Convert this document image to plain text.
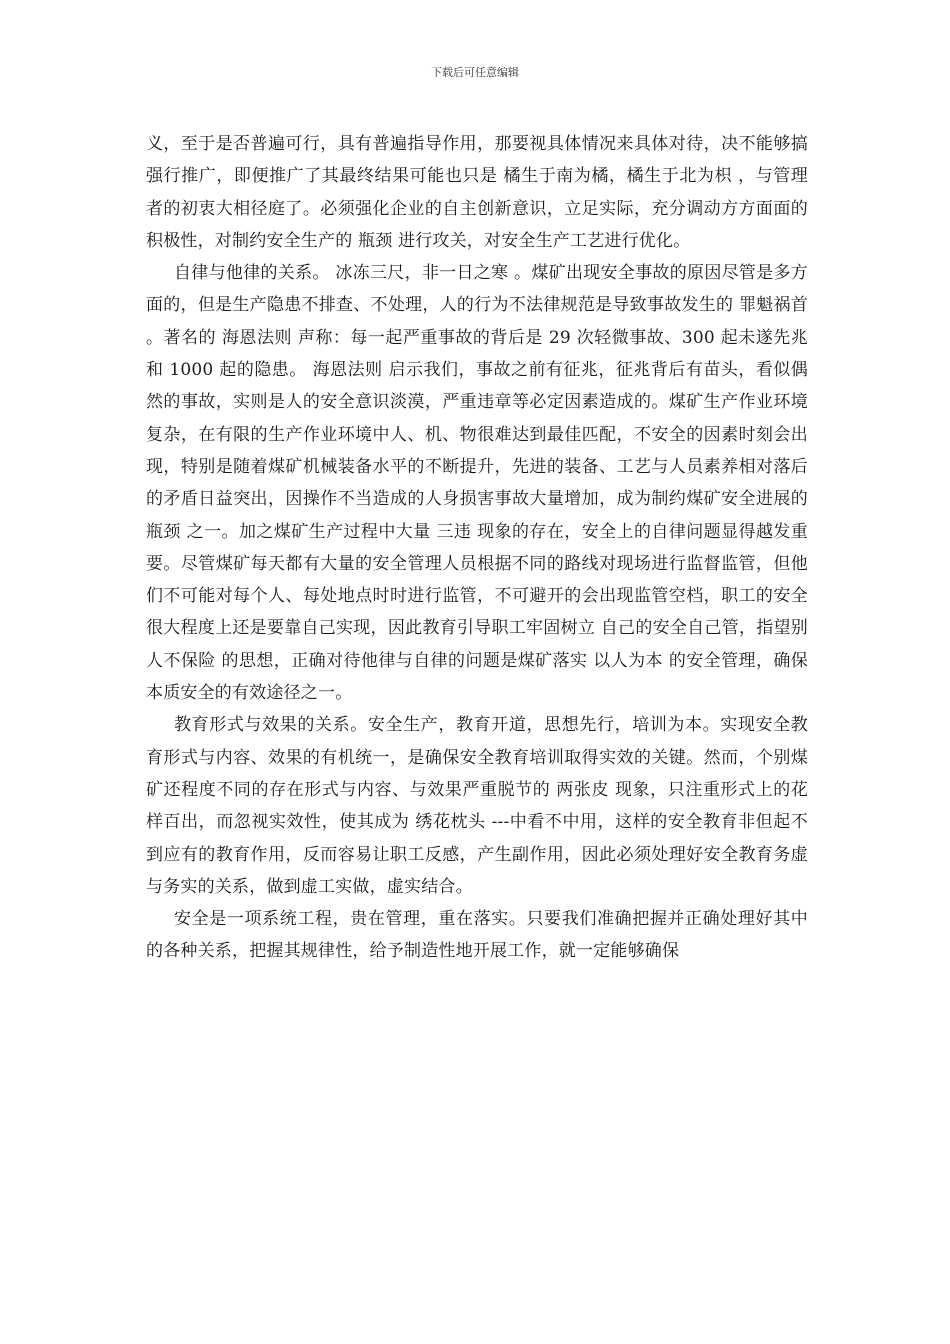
下载后可任意编辑

义，至于是否普遍可行，具有普遍指导作用，那要视具体情况来具体对待，决不能够搞强行推广，即便推广了其最终结果可能也只是 橘生于南为橘，橘生于北为枳 ，与管理者的初衷大相径庭了。必须强化企业的自主创新意识，立足实际，充分调动方方面面的积极性，对制约安全生产的 瓶颈 进行攻关，对安全生产工艺进行优化。

自律与他律的关系。 冰冻三尺，非一日之寒 。煤矿出现安全事故的原因尽管是多方面的，但是生产隐患不排查、不处理，人的行为不法律规范是导致事故发生的 罪魁祸首 。著名的 海恩法则 声称：每一起严重事故的背后是 29 次轻微事故、300 起未遂先兆和 1000 起的隐患。 海恩法则 启示我们，事故之前有征兆，征兆背后有苗头，看似偶然的事故，实则是人的安全意识淡漠，严重违章等必定因素造成的。煤矿生产作业环境复杂，在有限的生产作业环境中人、机、物很难达到最佳匹配，不安全的因素时刻会出现，特别是随着煤矿机械装备水平的不断提升，先进的装备、工艺与人员素养相对落后的矛盾日益突出，因操作不当造成的人身损害事故大量增加，成为制约煤矿安全进展的 瓶颈 之一。加之煤矿生产过程中大量 三违 现象的存在，安全上的自律问题显得越发重要。尽管煤矿每天都有大量的安全管理人员根据不同的路线对现场进行监督监管，但他们不可能对每个人、每处地点时时进行监管，不可避开的会出现监管空档，职工的安全很大程度上还是要靠自己实现，因此教育引导职工牢固树立 自己的安全自己管，指望别人不保险 的思想，正确对待他律与自律的问题是煤矿落实 以人为本 的安全管理，确保本质安全的有效途径之一。

教育形式与效果的关系。安全生产，教育开道，思想先行，培训为本。实现安全教育形式与内容、效果的有机统一，是确保安全教育培训取得实效的关键。然而，个别煤矿还程度不同的存在形式与内容、与效果严重脱节的 两张皮 现象，只注重形式上的花样百出，而忽视实效性，使其成为 绣花枕头 ---中看不中用，这样的安全教育非但起不到应有的教育作用，反而容易让职工反感，产生副作用，因此必须处理好安全教育务虚与务实的关系，做到虚工实做，虚实结合。

安全是一项系统工程，贵在管理，重在落实。只要我们准确把握并正确处理好其中的各种关系，把握其规律性，给予制造性地开展工作，就一定能够确保
